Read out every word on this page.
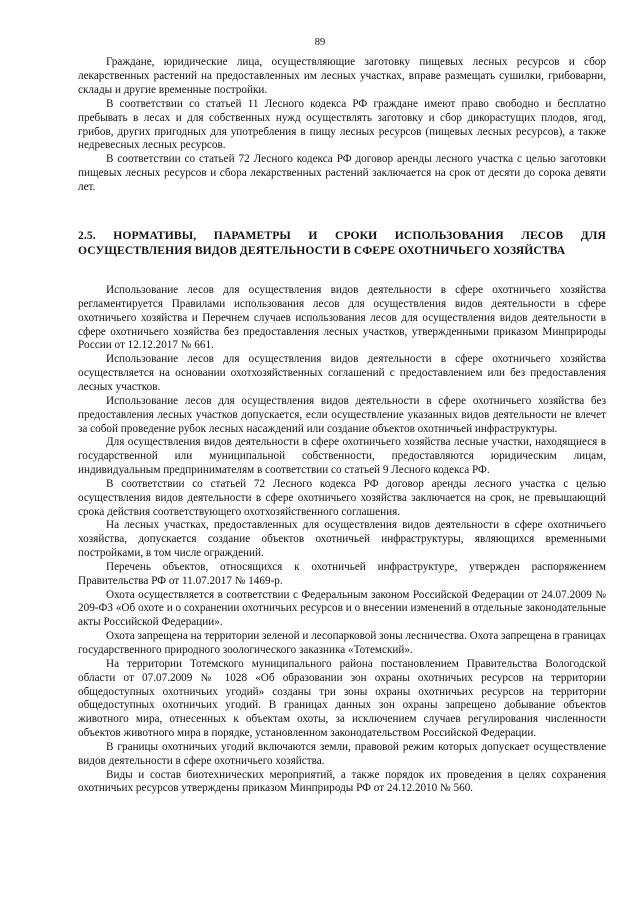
89

Граждане, юридические лица, осуществляющие заготовку пищевых лесных ресурсов и сбор лекарственных растений на предоставленных им лесных участках, вправе размещать сушилки, грибоварни, склады и другие временные постройки.

В соответствии со статьей 11 Лесного кодекса РФ граждане имеют право свободно и бесплатно пребывать в лесах и для собственных нужд осуществлять заготовку и сбор дикорастущих плодов, ягод, грибов, других пригодных для употребления в пищу лесных ресурсов (пищевых лесных ресурсов), а также недревесных лесных ресурсов.

В соответствии со статьей 72 Лесного кодекса РФ договор аренды лесного участка с целью заготовки пищевых лесных ресурсов и сбора лекарственных растений заключается на срок от десяти до сорока девяти лет.

2.5. НОРМАТИВЫ, ПАРАМЕТРЫ И СРОКИ ИСПОЛЬЗОВАНИЯ ЛЕСОВ ДЛЯ ОСУЩЕСТВЛЕНИЯ ВИДОВ ДЕЯТЕЛЬНОСТИ В СФЕРЕ ОХОТНИЧЬЕГО ХОЗЯЙСТВА

Использование лесов для осуществления видов деятельности в сфере охотничьего хозяйства регламентируется Правилами использования лесов для осуществления видов деятельности в сфере охотничьего хозяйства и Перечнем случаев использования лесов для осуществления видов деятельности в сфере охотничьего хозяйства без предоставления лесных участков, утвержденными приказом Минприроды России от 12.12.2017 № 661.

Использование лесов для осуществления видов деятельности в сфере охотничьего хозяйства осуществляется на основании охотхозяйственных соглашений с предоставлением или без предоставления лесных участков.

Использование лесов для осуществления видов деятельности в сфере охотничьего хозяйства без предоставления лесных участков допускается, если осуществление указанных видов деятельности не влечет за собой проведение рубок лесных насаждений или создание объектов охотничьей инфраструктуры.

Для осуществления видов деятельности в сфере охотничьего хозяйства лесные участки, находящиеся в государственной или муниципальной собственности, предоставляются юридическим лицам, индивидуальным предпринимателям в соответствии со статьей 9 Лесного кодекса РФ.

В соответствии со статьей 72 Лесного кодекса РФ договор аренды лесного участка с целью осуществления видов деятельности в сфере охотничьего хозяйства заключается на срок, не превышающий срока действия соответствующего охотхозяйственного соглашения.

На лесных участках, предоставленных для осуществления видов деятельности в сфере охотничьего хозяйства, допускается создание объектов охотничьей инфраструктуры, являющихся временными постройками, в том числе ограждений.

Перечень объектов, относящихся к охотничьей инфраструктуре, утвержден распоряжением Правительства РФ от 11.07.2017 № 1469-р.

Охота осуществляется в соответствии с Федеральным законом Российской Федерации от 24.07.2009 № 209-ФЗ «Об охоте и о сохранении охотничьих ресурсов и о внесении изменений в отдельные законодательные акты Российской Федерации».

Охота запрещена на территории зеленой и лесопарковой зоны лесничества. Охота запрещена в границах государственного природного зоологического заказника «Тотемский».

На территории Тотемского муниципального района постановлением Правительства Вологодской области от 07.07.2009 № 1028 «Об образовании зон охраны охотничьих ресурсов на территории общедоступных охотничьих угодий» созданы три зоны охраны охотничьих ресурсов на территории общедоступных охотничьих угодий. В границах данных зон охраны запрещено добывание объектов животного мира, отнесенных к объектам охоты, за исключением случаев регулирования численности объектов животного мира в порядке, установленном законодательством Российской Федерации.

В границы охотничьих угодий включаются земли, правовой режим которых допускает осуществление видов деятельности в сфере охотничьего хозяйства.

Виды и состав биотехнических мероприятий, а также порядок их проведения в целях сохранения охотничьих ресурсов утверждены приказом Минприроды РФ от 24.12.2010 № 560.
